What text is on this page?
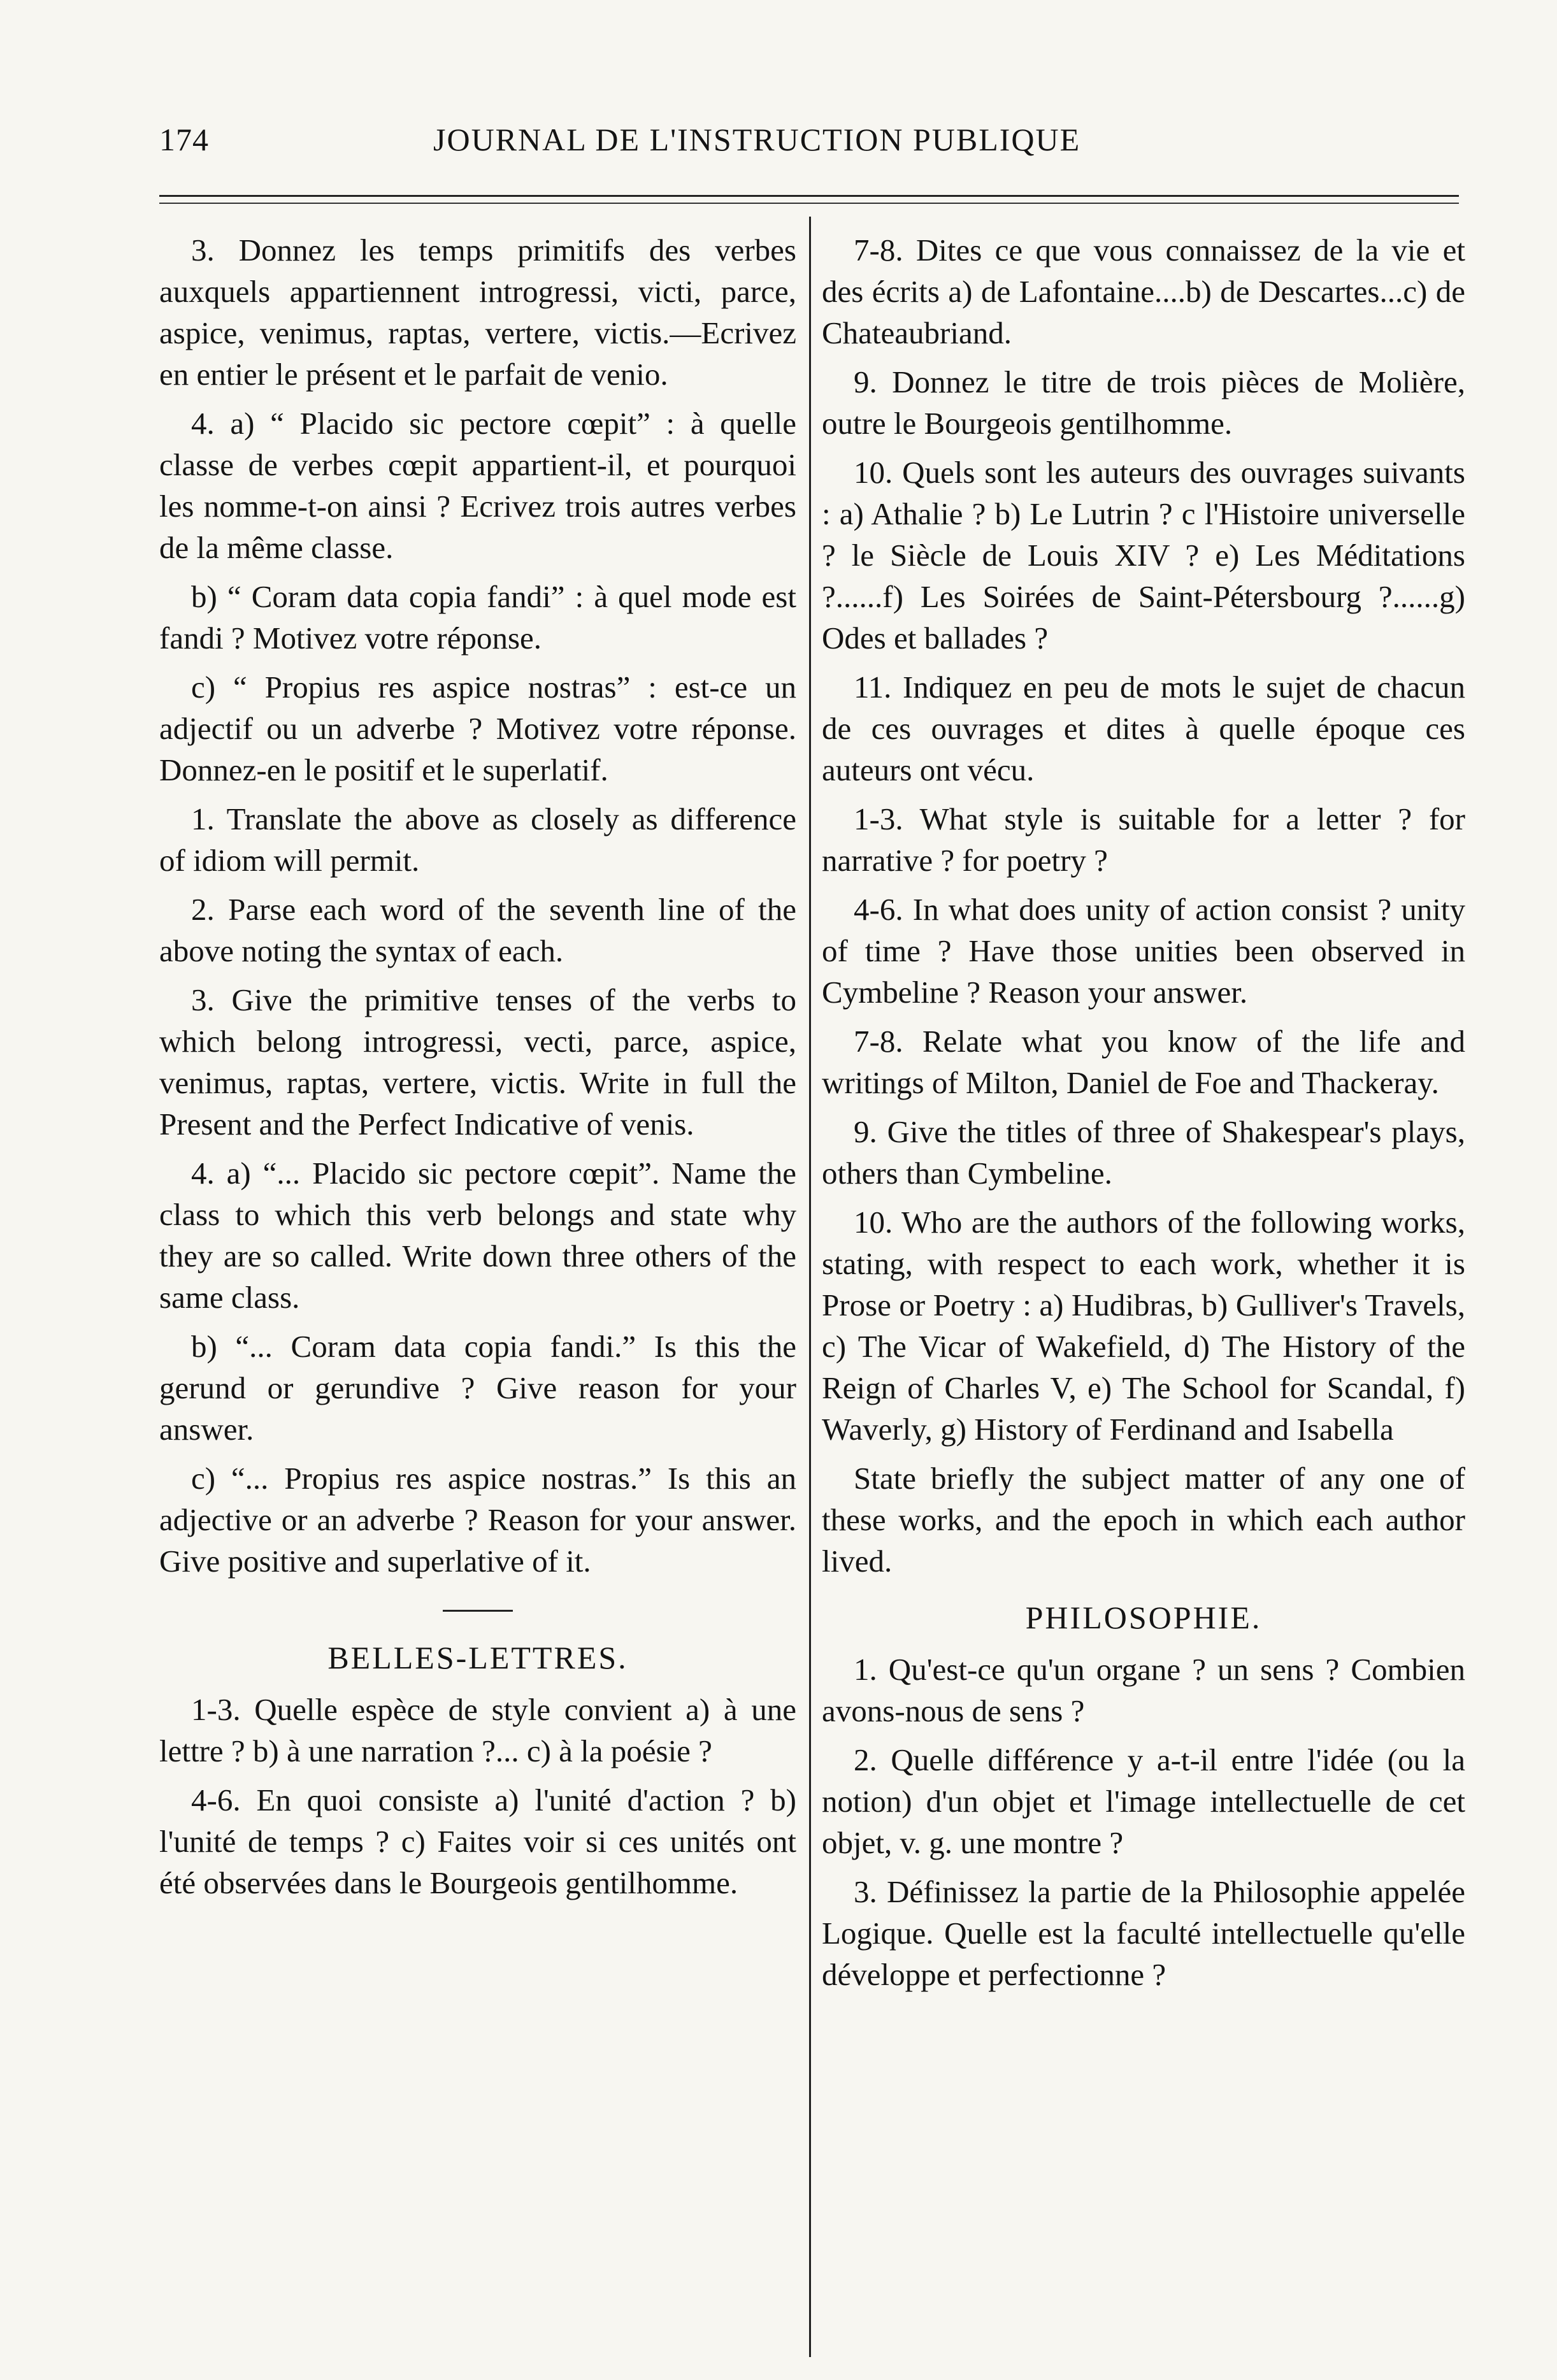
174	JOURNAL DE L'INSTRUCTION PUBLIQUE

3. Donnez les temps primitifs des verbes auxquels appartiennent introgressi, victi, parce, aspice, venimus, raptas, vertere, victis.—Ecrivez en entier le présent et le parfait de venio.

4. a) “ Placido sic pectore cœpit” : à quelle classe de verbes cœpit appartient-il, et pourquoi les nomme-t-on ainsi ? Ecrivez trois autres verbes de la même classe.

b) “ Coram data copia fandi” : à quel mode est fandi ? Motivez votre réponse.

c) “ Propius res aspice nostras” : est-ce un adjectif ou un adverbe ? Motivez votre réponse. Donnez-en le positif et le superlatif.

1. Translate the above as closely as difference of idiom will permit.

2. Parse each word of the seventh line of the above noting the syntax of each.

3. Give the primitive tenses of the verbs to which belong introgressi, vecti, parce, aspice, venimus, raptas, vertere, victis. Write in full the Present and the Perfect Indicative of venis.

4. a) “... Placido sic pectore cœpit”. Name the class to which this verb belongs and state why they are so called. Write down three others of the same class.

b) “... Coram data copia fandi.” Is this the gerund or gerundive ? Give reason for your answer.

c) “... Propius res aspice nostras.” Is this an adjective or an adverbe ? Reason for your answer. Give positive and superlative of it.

BELLES-LETTRES.

1-3. Quelle espèce de style convient a) à une lettre ? b) à une narration ?... c) à la poésie ?

4-6. En quoi consiste a) l'unité d'action ? b) l'unité de temps ? c) Faites voir si ces unités ont été observées dans le Bourgeois gentilhomme.

7-8. Dites ce que vous connaissez de la vie et des écrits a) de Lafontaine....b) de Descartes...c) de Chateaubriand.

9. Donnez le titre de trois pièces de Molière, outre le Bourgeois gentilhomme.

10. Quels sont les auteurs des ouvrages suivants : a) Athalie ? b) Le Lutrin ? c l'Histoire universelle ? le Siècle de Louis XIV ? e) Les Méditations ?......f) Les Soirées de Saint-Pétersbourg ?......g) Odes et ballades ?

11. Indiquez en peu de mots le sujet de chacun de ces ouvrages et dites à quelle époque ces auteurs ont vécu.

1-3. What style is suitable for a letter ? for narrative ? for poetry ?

4-6. In what does unity of action consist ? unity of time ? Have those unities been observed in Cymbeline ? Reason your answer.

7-8. Relate what you know of the life and writings of Milton, Daniel de Foe and Thackeray.

9. Give the titles of three of Shakespear's plays, others than Cymbeline.

10. Who are the authors of the following works, stating, with respect to each work, whether it is Prose or Poetry : a) Hudibras, b) Gulliver's Travels, c) The Vicar of Wakefield, d) The History of the Reign of Charles V, e) The School for Scandal, f) Waverly, g) History of Ferdinand and Isabella

State briefly the subject matter of any one of these works, and the epoch in which each author lived.

PHILOSOPHIE.

1. Qu'est-ce qu'un organe ? un sens ? Combien avons-nous de sens ?

2. Quelle différence y a-t-il entre l'idée (ou la notion) d'un objet et l'image intellectuelle de cet objet, v. g. une montre ?

3. Définissez la partie de la Philosophie appelée Logique. Quelle est la faculté intellectuelle qu'elle développe et perfectionne ?
